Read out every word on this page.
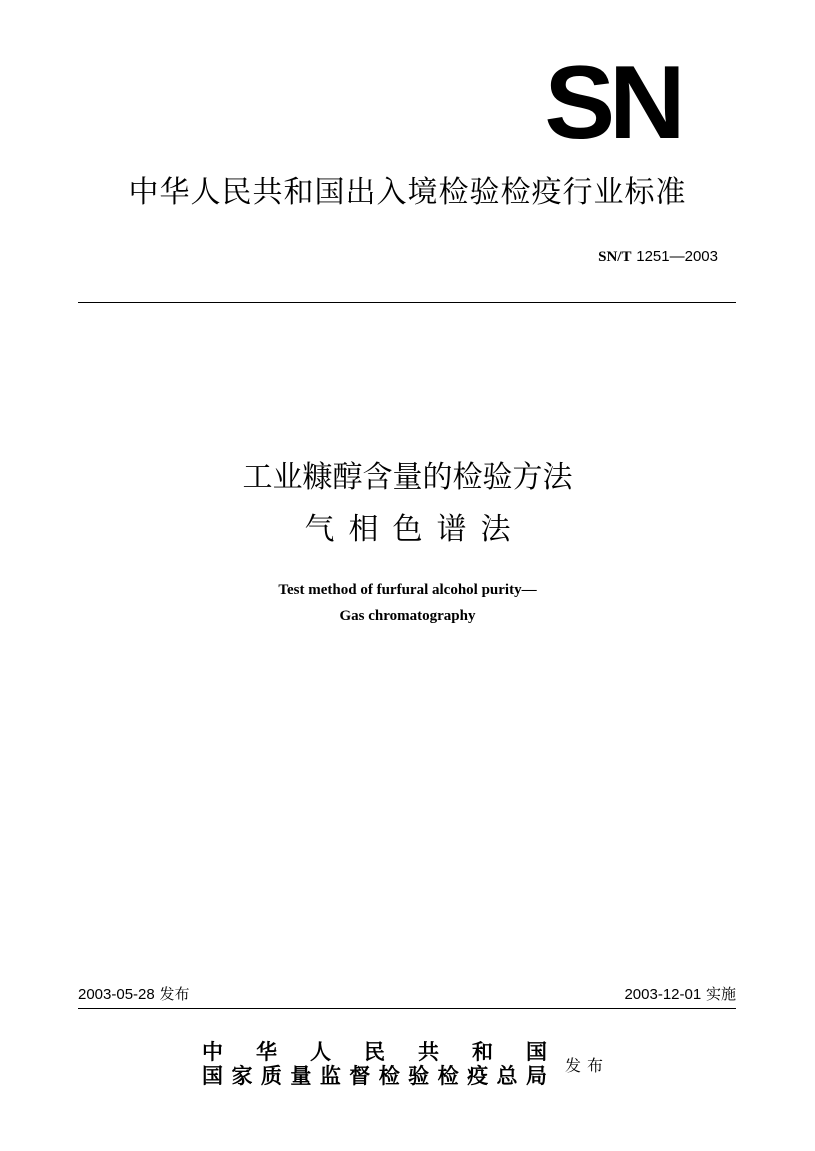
SN
中华人民共和国出入境检验检疫行业标准
SN/T 1251—2003
工业糠醇含量的检验方法
气相色谱法
Test method of furfural alcohol purity—
Gas chromatography
2003-05-28 发布	2003-12-01 实施
中 华 人 民 共 和 国
国家质量监督检验检疫总局 发布
